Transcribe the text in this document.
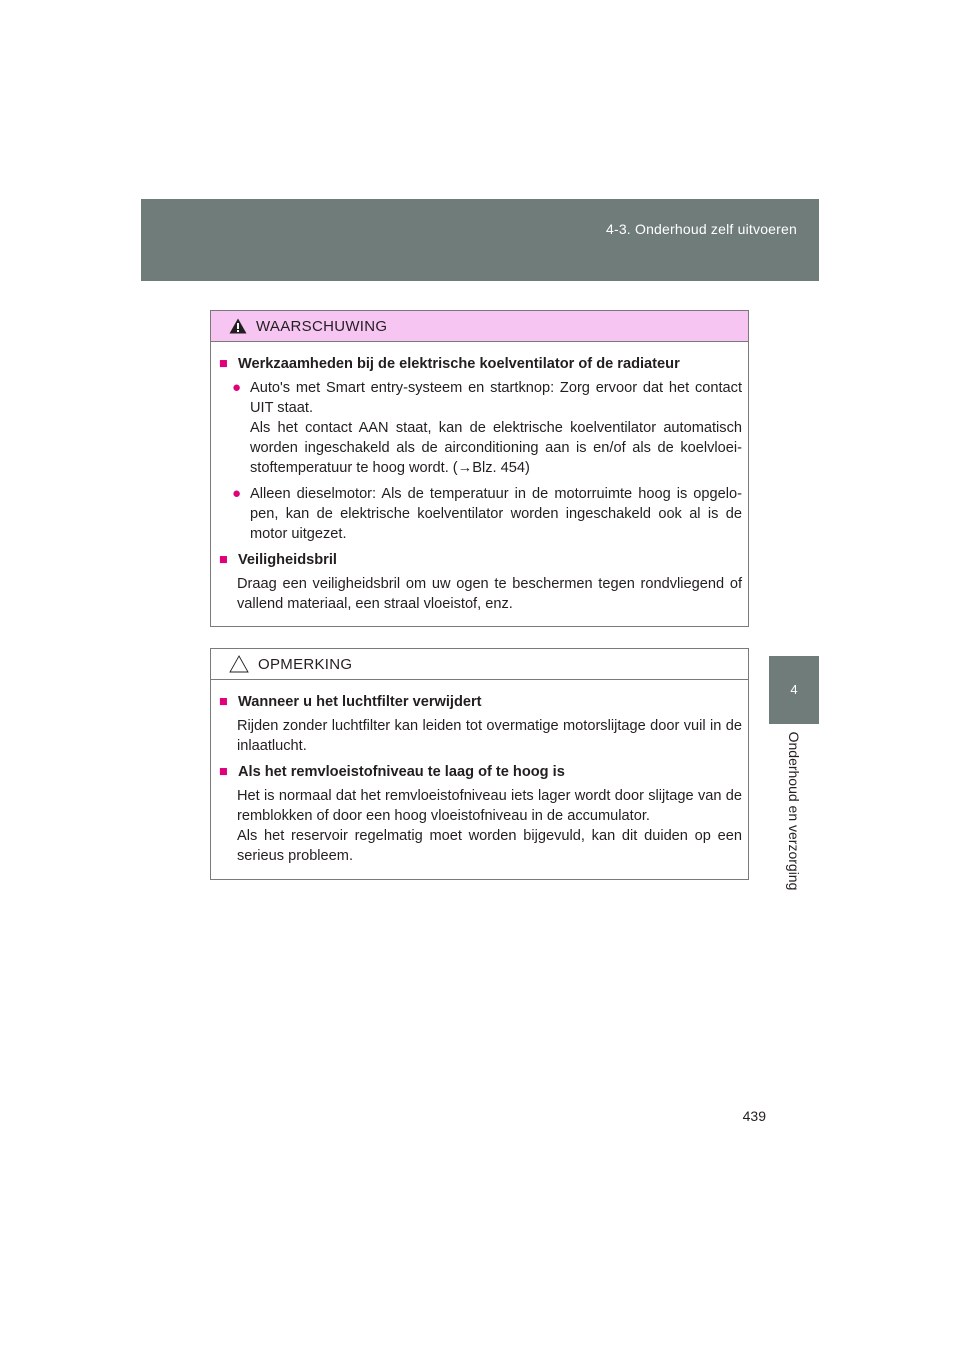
4-3. Onderhoud zelf uitvoeren
4
Onderhoud en verzorging
WAARSCHUWING
■ Werkzaamheden bij de elektrische koelventilator of de radiateur
● Auto's met Smart entry-systeem en startknop: Zorg ervoor dat het contact UIT staat.
Als het contact AAN staat, kan de elektrische koelventilator automatisch worden ingeschakeld als de airconditioning aan is en/of als de koelvloei-stoftemperatuur te hoog wordt. (→Blz. 454)
● Alleen dieselmotor: Als de temperatuur in de motorruimte hoog is opgelo-pen, kan de elektrische koelventilator worden ingeschakeld ook al is de motor uitgezet.
■ Veiligheidsbril
Draag een veiligheidsbril om uw ogen te beschermen tegen rondvliegend of vallend materiaal, een straal vloeistof, enz.
OPMERKING
■ Wanneer u het luchtfilter verwijdert
Rijden zonder luchtfilter kan leiden tot overmatige motorslijtage door vuil in de inlaatlucht.
■ Als het remvloeistofniveau te laag of te hoog is
Het is normaal dat het remvloeistofniveau iets lager wordt door slijtage van de remblokken of door een hoog vloeistofniveau in de accumulator.
Als het reservoir regelmatig moet worden bijgevuld, kan dit duiden op een serieus probleem.
439
